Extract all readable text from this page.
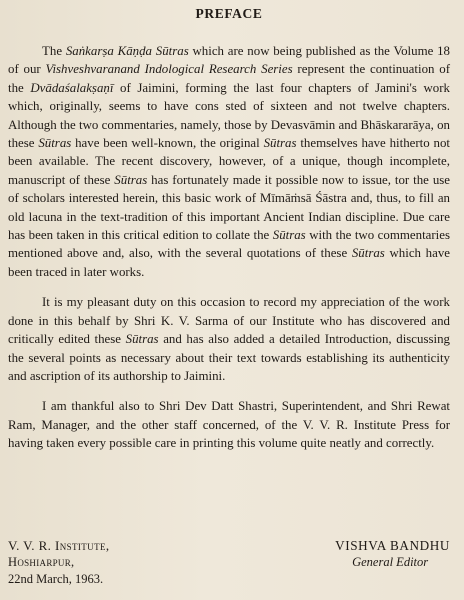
PREFACE

The Saṅkarṣa Kāṇḍa Sūtras which are now being published as the Volume 18 of our Vishveshvaranand Indological Research Series represent the continuation of the Dvādaśalakṣaṇī of Jaimini, forming the last four chapters of Jamini's work which, originally, seems to have cons sted of sixteen and not twelve chapters. Although the two commentaries, namely, those by Devasvāmin and Bhāskararāya, on these Sūtras have been well-known, the original Sūtras themselves have hitherto not been available. The recent discovery, however, of a unique, though incomplete, manuscript of these Sūtras has fortunately made it possible now to issue, tor the use of scholars interested herein, this basic work of Mīmāṁsā Śāstra and, thus, to fill an old lacuna in the text-tradition of this important Ancient Indian discipline. Due care has been taken in this critical edition to collate the Sūtras with the two commentaries mentioned above and, also, with the several quotations of these Sūtras which have been traced in later works.

It is my pleasant duty on this occasion to record my appreciation of the work done in this behalf by Shri K. V. Sarma of our Institute who has discovered and critically edited these Sūtras and has also added a detailed Introduction, discussing the several points as necessary about their text towards establishing its authenticity and ascription of its authorship to Jaimini.

I am thankful also to Shri Dev Datt Shastri, Superintendent, and Shri Rewat Ram, Manager, and the other staff concerned, of the V. V. R. Institute Press for having taken every possible care in printing this volume quite neatly and correctly.

V. V. R. Institute,
Hoshiarpur,
22nd March, 1963.
VISHVA BANDHU
General Editor
